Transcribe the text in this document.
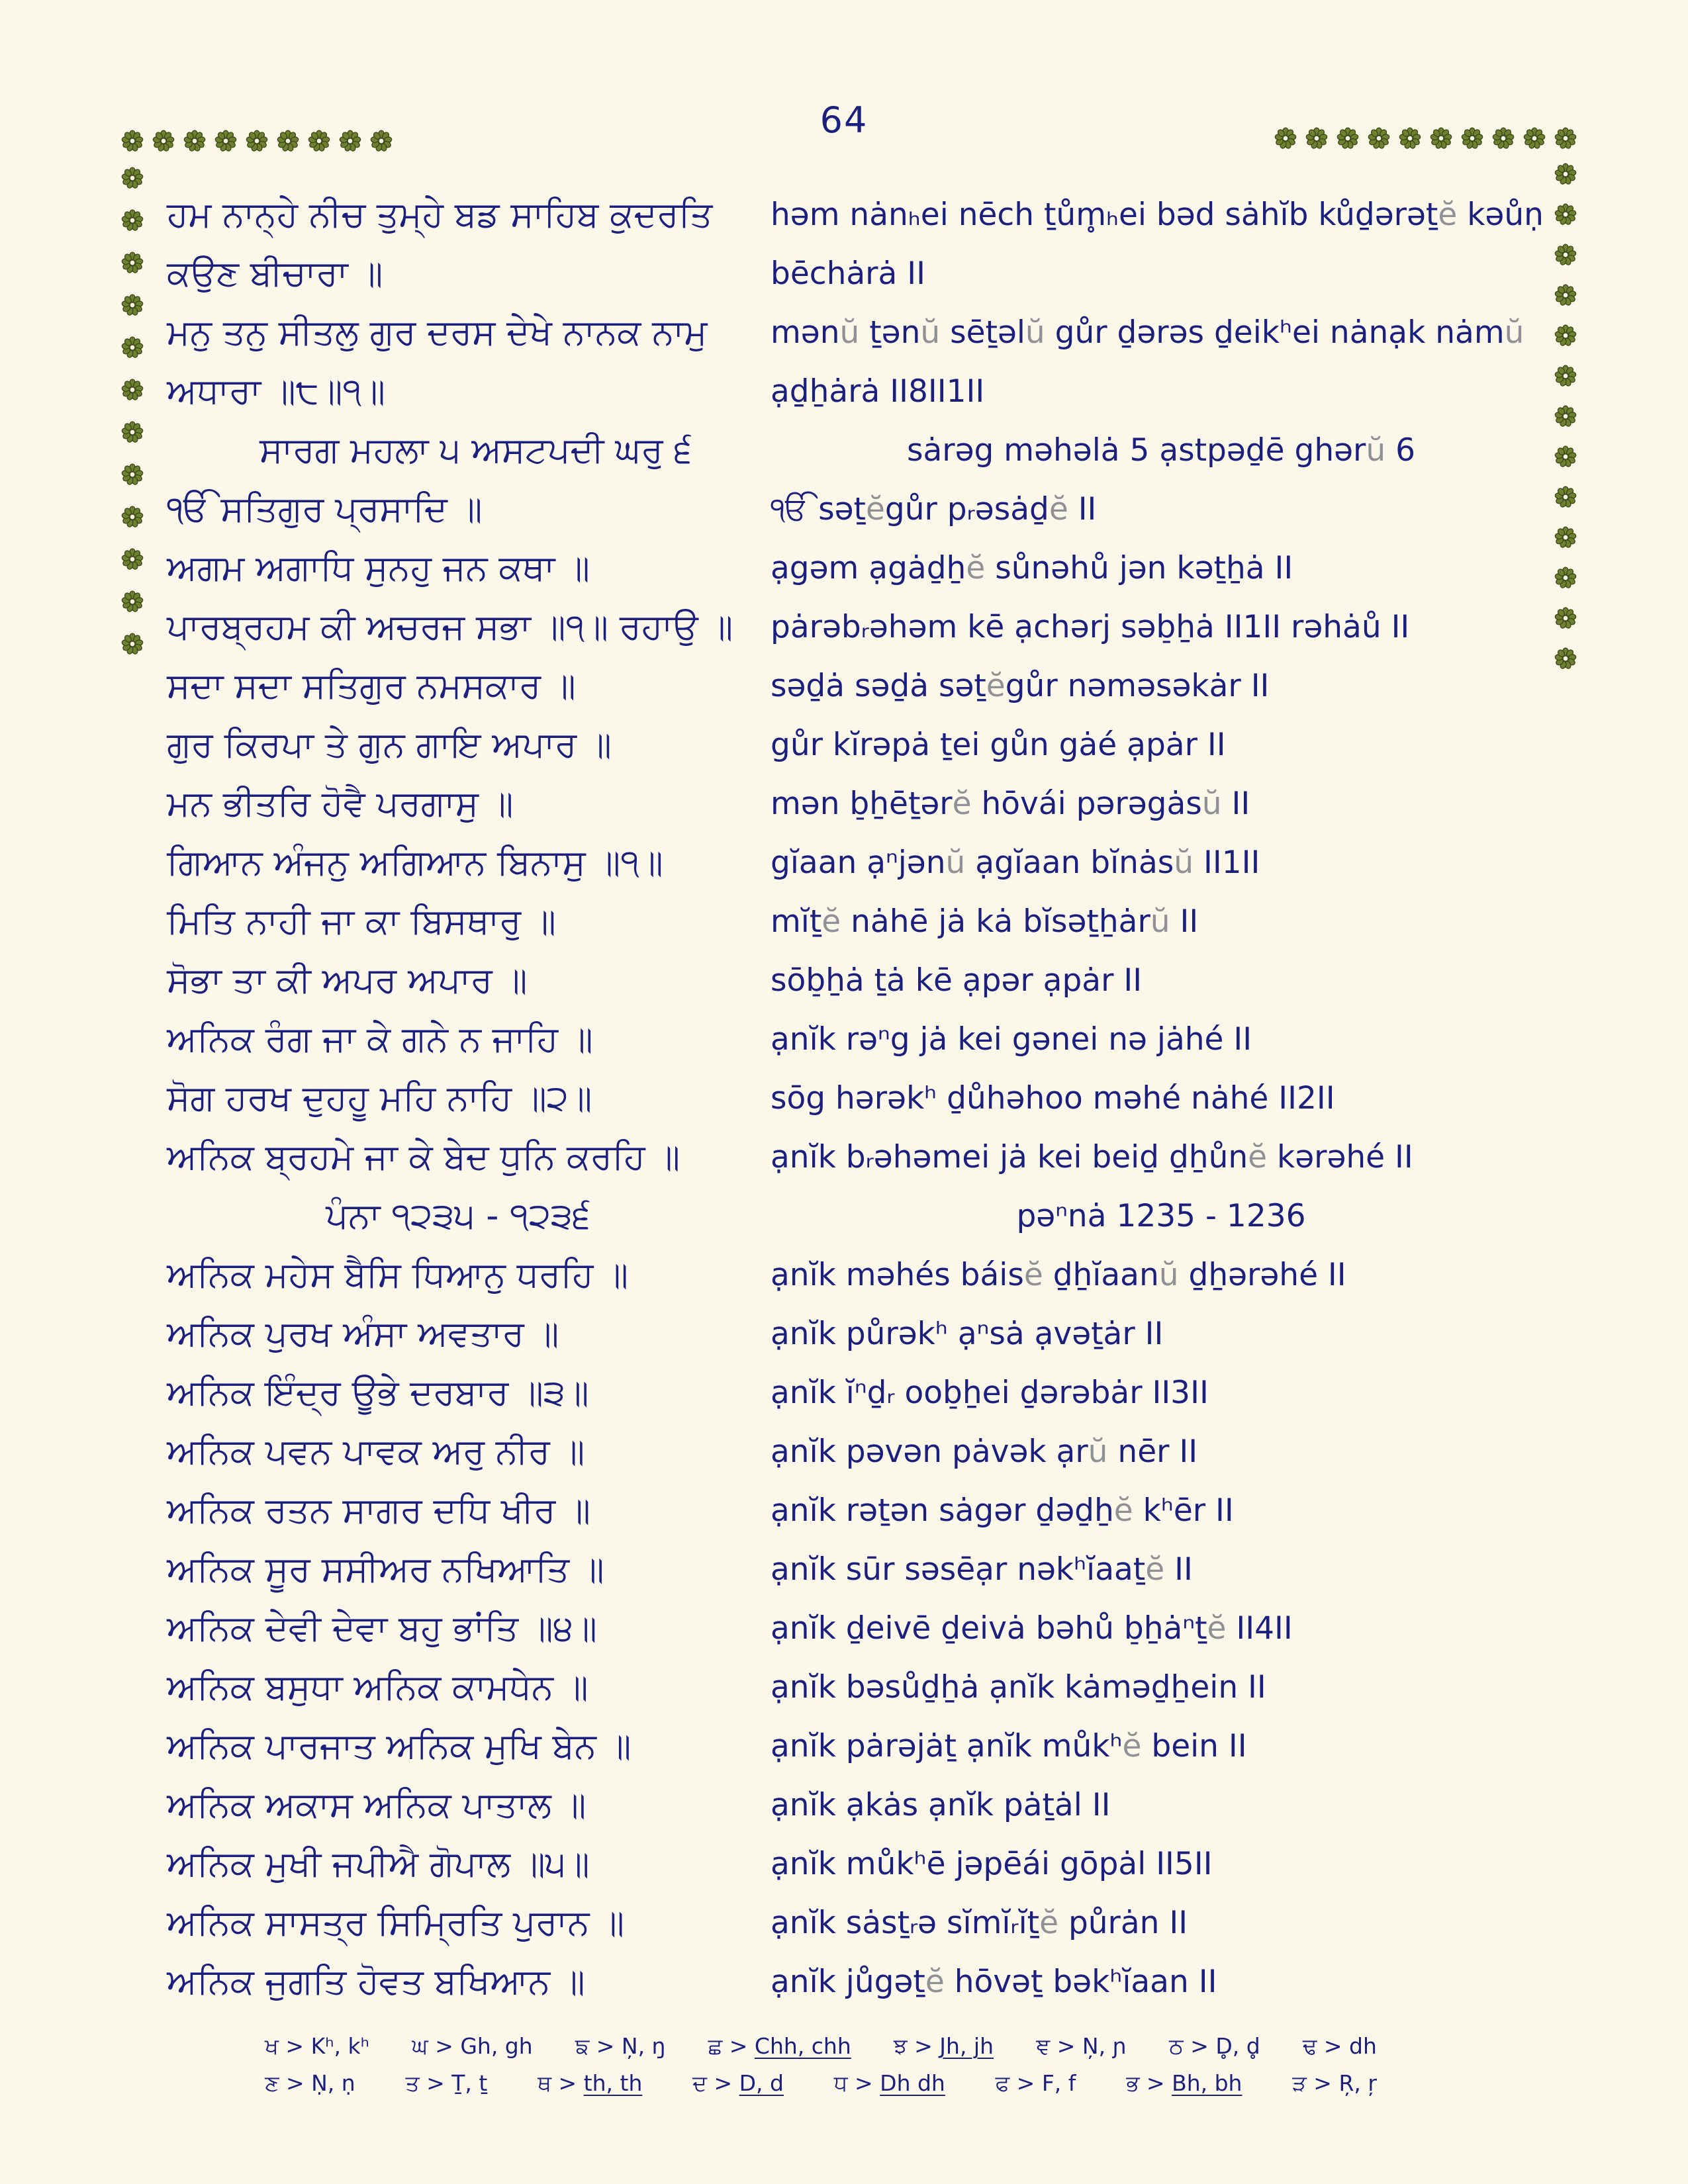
64
ਹਮ ਨਾਨ੍ਹੇ ਨੀਚ ਤੁਮ੍ਹੇ ਬਡ ਸਾਹਿਬ ਕੁਦਰਤਿ ਕਉਣ ਬੀਚਾਰਾ ॥
həm nȧnₕei nēch ṯům̥ₕei bəd sȧhĭb kůḏərəṯĕ kəůṇ bēchȧrȧ II
ਮਨੁ ਤਨੁ ਸੀਤਲੁ ਗੁਰ ਦਰਸ ਦੇਖੇ ਨਾਨਕ ਨਾਮੁ ਅਧਾਰਾ ॥੮॥੧॥
mənŭ ṯənŭ sēṯəlŭ gůr ḏərəs ḏeikʰei nȧnạk nȧmŭ ạḏẖȧrȧ II8II1II
ਸਾਰਗ ਮਹਲਾ ੫ ਅਸਟਪਦੀ ਘਰੁ ੬	sȧrəg məhəlȧ 5 ạstpəḏē ghərŭ 6
ੴ ਸਤਿਗੁਰ ਪ੍ਰਸਾਦਿ ॥	ੴ səṯĕgůr pᵣəsȧḏĕ II
ਅਗਮ ਅਗਾਧਿ ਸੁਨਹੁ ਜਨ ਕਥਾ ॥	ạgəm ạgȧḏẖĕ sůnəhů jən kəṯẖȧ II
ਪਾਰਬ੍ਰਹਮ ਕੀ ਅਚਰਜ ਸਭਾ ॥੧॥ ਰਹਾਉ ॥	pȧrəbᵣəhəm kē ạchərj səb̠ẖȧ II1II rəhȧů II
ਸਦਾ ਸਦਾ ਸਤਿਗੁਰ ਨਮਸਕਾਰ ॥	səḏȧ səḏȧ səṯĕgůr nəməsəkȧr II
ਗੁਰ ਕਿਰਪਾ ਤੇ ਗੁਨ ਗਾਇ ਅਪਾਰ ॥	gůr kĭrəpȧ ṯei gůn gȧé ạpȧr II
ਮਨ ਭੀਤਰਿ ਹੋਵੈ ਪਰਗਾਸੁ ॥	mən b̠ẖēṯərĕ hōvái pərəgȧsŭ II
ਗਿਆਨ ਅੰਜਨੁ ਅਗਿਆਨ ਬਿਨਾਸੁ ॥੧॥	gĭaan ạⁿjənŭ ạgĭaan bĭnȧsŭ II1II
ਮਿਤਿ ਨਾਹੀ ਜਾ ਕਾ ਬਿਸਥਾਰੁ ॥	mĭṯĕ nȧhē jȧ kȧ bĭsəṯẖȧrŭ II
ਸੋਭਾ ਤਾ ਕੀ ਅਪਰ ਅਪਾਰ ॥	sōb̠ẖȧ ṯȧ kē ạpər ạpȧr II
ਅਨਿਕ ਰੰਗ ਜਾ ਕੇ ਗਨੇ ਨ ਜਾਹਿ ॥	ạnĭk rəⁿg jȧ kei gənei nə jȧhé II
ਸੋਗ ਹਰਖ ਦੁਹਹੂ ਮਹਿ ਨਾਹਿ ॥੨॥	sōg hərəkʰ ḏůhəhoo məhé nȧhé II2II
ਅਨਿਕ ਬ੍ਰਹਮੇ ਜਾ ਕੇ ਬੇਦ ਧੁਨਿ ਕਰਹਿ ॥	ạnĭk bᵣəhəmei jȧ kei beiḏ ḏẖůnĕ kərəhé II
ਪੰਨਾ ੧੨੩੫ - ੧੨੩੬	pəⁿnȧ 1235 - 1236
ਅਨਿਕ ਮਹੇਸ ਬੈਸਿ ਧਿਆਨੁ ਧਰਹਿ ॥	ạnĭk məhés báisĕ ḏẖĭaanŭ ḏẖərəhé II
ਅਨਿਕ ਪੁਰਖ ਅੰਸਾ ਅਵਤਾਰ ॥	ạnĭk půrəkʰ ạⁿsȧ ạvəṯȧr II
ਅਨਿਕ ਇੰਦ੍ਰ ਊਭੇ ਦਰਬਾਰ ॥੩॥	ạnĭk ĭⁿḏᵣ oob̠ẖei ḏərəbȧr II3II
ਅਨਿਕ ਪਵਨ ਪਾਵਕ ਅਰੁ ਨੀਰ ॥	ạnĭk pəvən pȧvək ạrŭ nēr II
ਅਨਿਕ ਰਤਨ ਸਾਗਰ ਦਧਿ ਖੀਰ ॥	ạnĭk rəṯən sȧgər ḏəḏẖĕ kʰēr II
ਅਨਿਕ ਸੂਰ ਸਸੀਅਰ ਨਖਿਆਤਿ ॥	ạnĭk sūr səsēạr nəkʰĭaaṯĕ II
ਅਨਿਕ ਦੇਵੀ ਦੇਵਾ ਬਹੁ ਭਾਂਤਿ ॥੪॥	ạnĭk ḏeivē ḏeivȧ bəhů b̠ẖȧⁿṯĕ II4II
ਅਨਿਕ ਬਸੁਧਾ ਅਨਿਕ ਕਾਮਧੇਨ ॥	ạnĭk bəsůḏẖȧ ạnĭk kȧməḏẖein II
ਅਨਿਕ ਪਾਰਜਾਤ ਅਨਿਕ ਮੁਖਿ ਬੇਨ ॥	ạnĭk pȧrəjȧṯ ạnĭk můkʰĕ bein II
ਅਨਿਕ ਅਕਾਸ ਅਨਿਕ ਪਾਤਾਲ ॥	ạnĭk ạkȧs ạnĭk pȧṯȧl II
ਅਨਿਕ ਮੁਖੀ ਜਪੀਐ ਗੋਪਾਲ ॥੫॥	ạnĭk můkʰē jəpēái gōpȧl II5II
ਅਨਿਕ ਸਾਸਤ੍ਰ ਸਿਮ੍ਰਿਤਿ ਪੁਰਾਨ ॥	ạnĭk sȧsṯᵣə sĭmĭᵣĭṯĕ půrȧn II
ਅਨਿਕ ਜੁਗਤਿ ਹੋਵਤ ਬਖਿਆਨ ॥	ạnĭk jůgəṯĕ hōvəṯ bəkʰĭaan II
ਖ > Kʰ, kʰ ਘ > Gh, gh ਙ > Ņ, ŋ ਛ > Chh, chh ਝ > Jh, jh ਞ > Ņ, ɲ ਠ > D̥, d̥ ਢ > dh
ਣ > Ṇ, ṇ ਤ > Ṯ, ṯ ਥ > th, th ਦ > D, d ਧ > Dh dh ਫ > F, f ਭ > Bh, bh ੜ > Ŗ, ŗ
